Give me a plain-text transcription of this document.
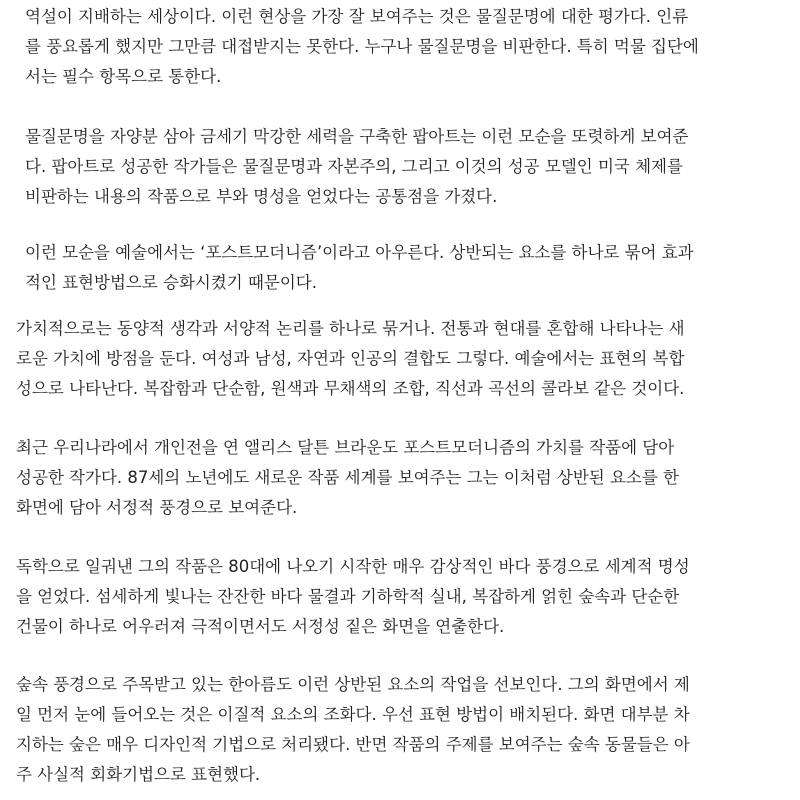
역설이 지배하는 세상이다. 이런 현상을 가장 잘 보여주는 것은 물질문명에 대한 평가다. 인류
를 풍요롭게 했지만 그만큼 대접받지는 못한다. 누구나 물질문명을 비판한다. 특히 먹물 집단에
서는 필수 항목으로 통한다.
물질문명을 자양분 삼아 금세기 막강한 세력을 구축한 팝아트는 이런 모순을 또렷하게 보여준
다. 팝아트로 성공한 작가들은 물질문명과 자본주의, 그리고 이것의 성공 모델인 미국 체제를
비판하는 내용의 작품으로 부와 명성을 얻었다는 공통점을 가졌다.
이런 모순을 예술에서는 ‘포스트모더니즘’이라고 아우른다. 상반되는 요소를 하나로 묶어 효과
적인 표현방법으로 승화시켰기 때문이다.
가치적으로는 동양적 생각과 서양적 논리를 하나로 묶거나. 전통과 현대를 혼합해 나타나는 새
로운 가치에 방점을 둔다. 여성과 남성, 자연과 인공의 결합도 그렇다. 예술에서는 표현의 복합
성으로 나타난다. 복잡함과 단순함, 원색과 무채색의 조합, 직선과 곡선의 콜라보 같은 것이다.
최근 우리나라에서 개인전을 연 앨리스 달튼 브라운도 포스트모더니즘의 가치를 작품에 담아
성공한 작가다. 87세의 노년에도 새로운 작품 세계를 보여주는 그는 이처럼 상반된 요소를 한
화면에 담아 서정적 풍경으로 보여준다.
독학으로 일궈낸 그의 작품은 80대에 나오기 시작한 매우 감상적인 바다 풍경으로 세계적 명성
을 얻었다. 섬세하게 빛나는 잔잔한 바다 물결과 기하학적 실내, 복잡하게 얽힌 숲속과 단순한
건물이 하나로 어우러져 극적이면서도 서정성 짙은 화면을 연출한다.
숲속 풍경으로 주목받고 있는 한아름도 이런 상반된 요소의 작업을 선보인다. 그의 화면에서 제
일 먼저 눈에 들어오는 것은 이질적 요소의 조화다. 우선 표현 방법이 배치된다. 화면 대부분 차
지하는 숲은 매우 디자인적 기법으로 처리됐다. 반면 작품의 주제를 보여주는 숲속 동물들은 아
주 사실적 회화기법으로 표현했다.
